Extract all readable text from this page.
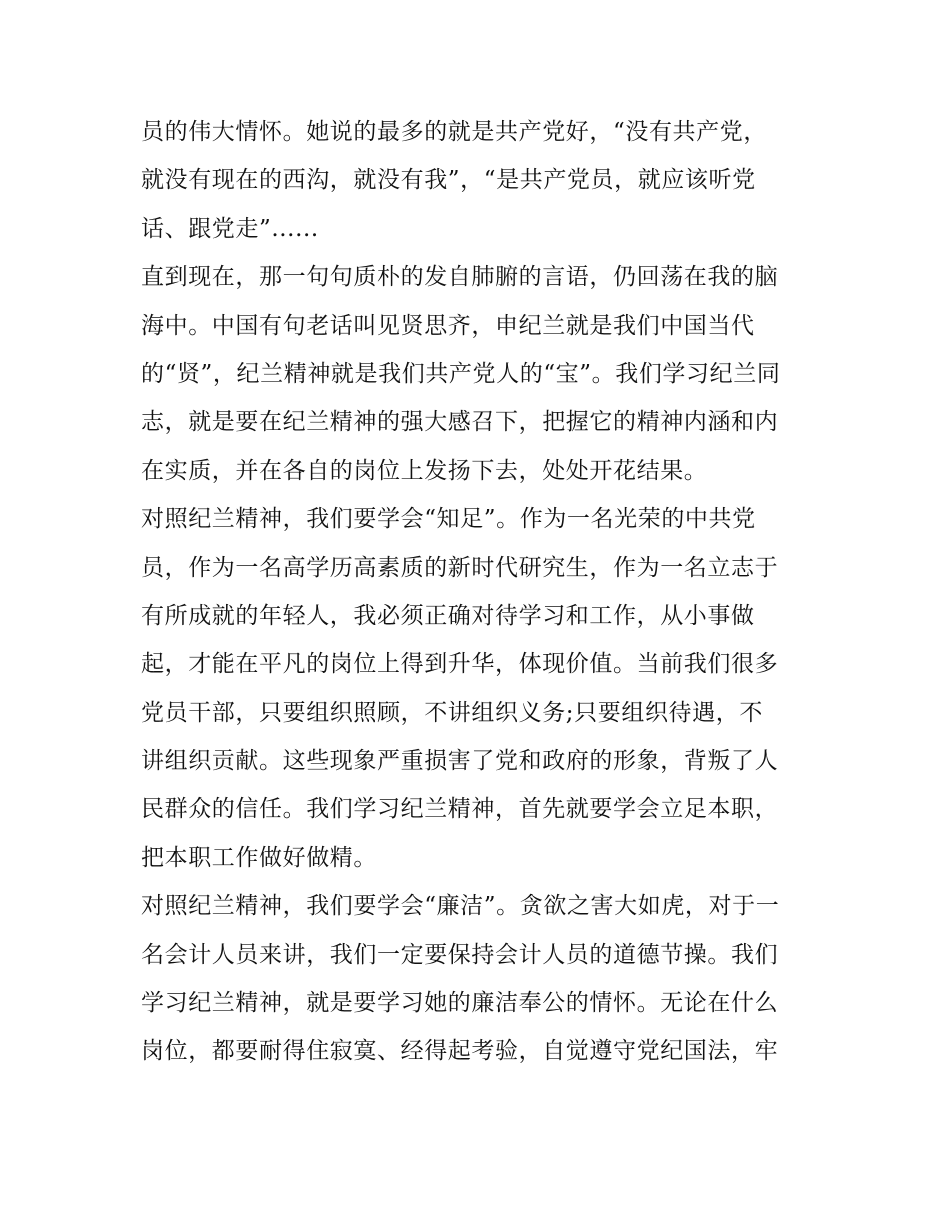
员的伟大情怀。她说的最多的就是共产党好，“没有共产党，
就没有现在的西沟，就没有我”，“是共产党员，就应该听党
话、跟党走”......
直到现在，那一句句质朴的发自肺腑的言语，仍回荡在我的脑
海中。中国有句老话叫见贤思齐，申纪兰就是我们中国当代
的“贤”，纪兰精神就是我们共产党人的“宝”。我们学习纪兰同
志，就是要在纪兰精神的强大感召下，把握它的精神内涵和内
在实质，并在各自的岗位上发扬下去，处处开花结果。
对照纪兰精神，我们要学会“知足”。作为一名光荣的中共党
员，作为一名高学历高素质的新时代研究生，作为一名立志于
有所成就的年轻人，我必须正确对待学习和工作，从小事做
起，才能在平凡的岗位上得到升华，体现价值。当前我们很多
党员干部，只要组织照顾，不讲组织义务;只要组织待遇，不
讲组织贡献。这些现象严重损害了党和政府的形象，背叛了人
民群众的信任。我们学习纪兰精神，首先就要学会立足本职，
把本职工作做好做精。
对照纪兰精神，我们要学会“廉洁”。贪欲之害大如虎，对于一
名会计人员来讲，我们一定要保持会计人员的道德节操。我们
学习纪兰精神，就是要学习她的廉洁奉公的情怀。无论在什么
岗位，都要耐得住寂寞、经得起考验，自觉遵守党纪国法，牢
